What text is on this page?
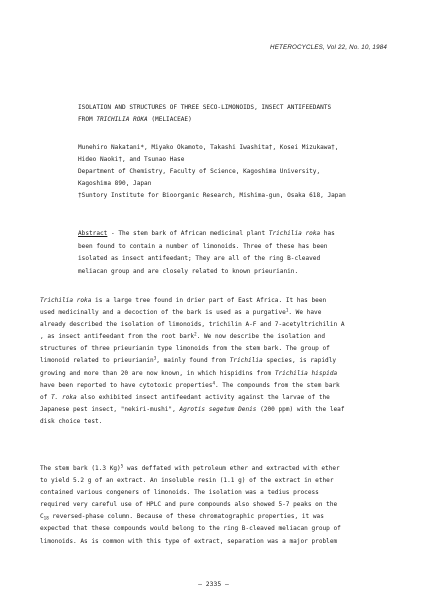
HETEROCYCLES, Vol 22, No. 10, 1984
ISOLATION AND STRUCTURES OF THREE SECO-LIMONOIDS, INSECT ANTIFEEDANTS
FROM TRICHILIA ROKA (MELIACEAE)
Munehiro Nakatani*, Miyako Okamoto, Takashi Iwashita†, Kosei Mizukawa†,
Hideo Naoki†, and Tsunao Hase
Department of Chemistry, Faculty of Science, Kagoshima University,
Kagoshima 890, Japan
†Suntory Institute for Bioorganic Research, Mishima-gun, Osaka 618, Japan
Abstract - The stem bark of African medicinal plant Trichilia roka has
been found to contain a number of limonoids. Three of these has been
isolated as insect antifeedant; They are all of the ring B-cleaved
meliacan group and are closely related to known prieurianin.
Trichilia roka is a large tree found in drier part of East Africa. It has been
used medicinally and a decoction of the bark is used as a purgative$^1$. We have
already described the isolation of limonoids, trichilin A-F and 7-acetyltrichilin A
, as insect antifeedant from the root bark$^2$. We now describe the isolation and
structures of three prieurianin type limonoids from the stem bark. The group of
limonoid related to prieurianin$^3$, mainly found from Trichilia species, is rapidly
growing and more than 20 are now known, in which hispidins from Trichilia hispida
have been reported to have cytotoxic properties$^4$. The compounds from the stem bark
of T. roka also exhibited insect antifeedant activity against the larvae of the
Japanese pest insect, "nekiri-mushi", Agrotis segetum Denis (200 ppm) with the leaf
disk choice test.
The stem bark (1.3 Kg)$^5$ was deffated with petroleum ether and extracted with ether
to yield 5.2 g of an extract. An insoluble resin (1.1 g) of the extract in ether
contained various congeners of limonoids. The isolation was a tedius process
required very careful use of HPLC and pure compounds also showed 5-7 peaks on the
$C_{18}$ reversed-phase column. Because of these chromatographic properties, it was
expected that these compounds would belong to the ring B-cleaved meliacan group of
limonoids. As is common with this type of extract, separation was a major problem
— 2335 —
